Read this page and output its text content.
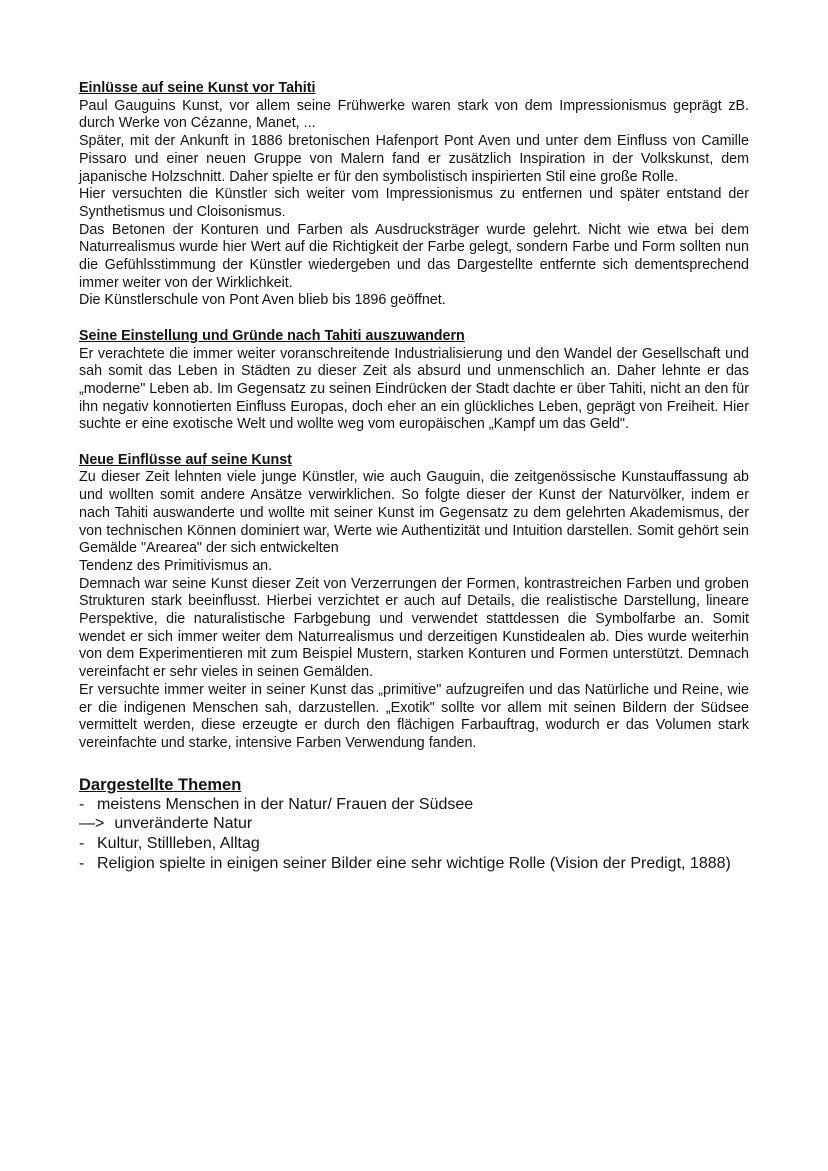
Einlüsse auf seine Kunst vor Tahiti

Paul Gauguins Kunst, vor allem seine Frühwerke waren stark von dem Impressionismus geprägt zB. durch Werke von Cézanne, Manet, ...

Später, mit der Ankunft in 1886 bretonischen Hafenport Pont Aven und unter dem Einfluss von Camille Pissaro und einer neuen Gruppe von Malern fand er zusätzlich Inspiration in der Volkskunst, dem japanische Holzschnitt. Daher spielte er für den symbolistisch inspirierten Stil eine große Rolle.

Hier versuchten die Künstler sich weiter vom Impressionismus zu entfernen und später entstand der Synthetismus und Cloisonismus.

Das Betonen der Konturen und Farben als Ausdrucksträger wurde gelehrt. Nicht wie etwa bei dem Naturrealismus wurde hier Wert auf die Richtigkeit der Farbe gelegt, sondern Farbe und Form sollten nun die Gefühlsstimmung der Künstler wiedergeben und das Dargestellte entfernte sich dementsprechend immer weiter von der Wirklichkeit.

Die Künstlerschule von Pont Aven blieb bis 1896 geöffnet.

Seine Einstellung und Gründe nach Tahiti auszuwandern

Er verachtete die immer weiter voranschreitende Industrialisierung und den Wandel der Gesellschaft und sah somit das Leben in Städten zu dieser Zeit als absurd und unmenschlich an. Daher lehnte er das „moderne" Leben ab. Im Gegensatz zu seinen Eindrücken der Stadt dachte er über Tahiti, nicht an den für ihn negativ konnotierten Einfluss Europas, doch eher an ein glückliches Leben, geprägt von Freiheit. Hier suchte er eine exotische Welt und wollte weg vom europäischen „Kampf um das Geld".

Neue Einflüsse auf seine Kunst

Zu dieser Zeit lehnten viele junge Künstler, wie auch Gauguin, die zeitgenössische Kunstauffassung ab und wollten somit andere Ansätze verwirklichen. So folgte dieser der Kunst der Naturvölker, indem er nach Tahiti auswanderte und wollte mit seiner Kunst im Gegensatz zu dem gelehrten Akademismus, der von technischen Können dominiert war, Werte wie Authentizität und Intuition darstellen. Somit gehört sein Gemälde "Arearea" der sich entwickelten

Tendenz des Primitivismus an.

Demnach war seine Kunst dieser Zeit von Verzerrungen der Formen, kontrastreichen Farben und groben Strukturen stark beeinflusst. Hierbei verzichtet er auch auf Details, die realistische Darstellung, lineare Perspektive, die naturalistische Farbgebung und verwendet stattdessen die Symbolfarbe an. Somit wendet er sich immer weiter dem Naturrealismus und derzeitigen Kunstidealen ab. Dies wurde weiterhin von dem Experimentieren mit zum Beispiel Mustern, starken Konturen und Formen unterstützt. Demnach vereinfacht er sehr vieles in seinen Gemälden.

Er versuchte immer weiter in seiner Kunst das „primitive" aufzugreifen und das Natürliche und Reine, wie er die indigenen Menschen sah, darzustellen. „Exotik" sollte vor allem mit seinen Bildern der Südsee vermittelt werden, diese erzeugte er durch den flächigen Farbauftrag, wodurch er das Volumen stark vereinfachte und starke, intensive Farben Verwendung fanden.

Dargestellte Themen

- meistens Menschen in der Natur/ Frauen der Südsee
—> unveränderte Natur
- Kultur, Stillleben, Alltag
- Religion spielte in einigen seiner Bilder eine sehr wichtige Rolle (Vision der Predigt, 1888)
